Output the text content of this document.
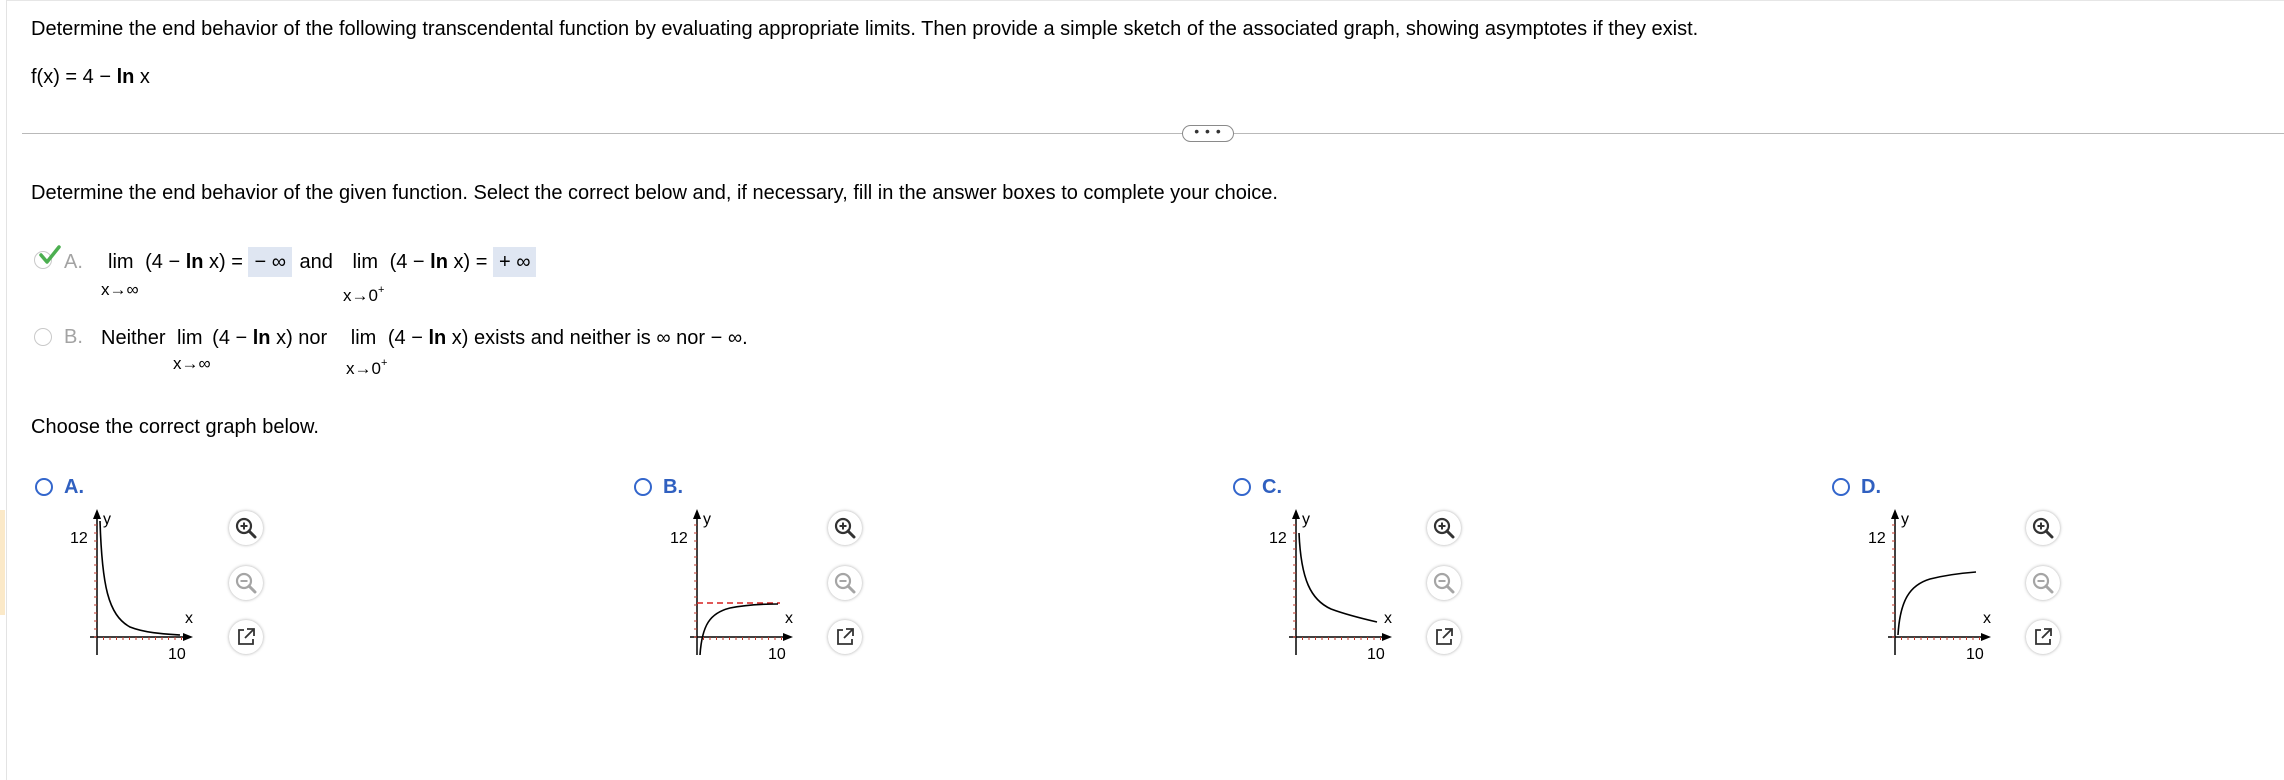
Determine the end behavior of the following transcendental function by evaluating appropriate limits. Then provide a simple sketch of the associated graph, showing asymptotes if they exist.
f(x) = 4 − ln x
• • •
Determine the end behavior of the given function. Select the correct below and, if necessary, fill in the answer boxes to complete your choice.
A. lim (4 − ln x) = − ∞ and lim (4 − ln x) = + ∞
x→∞	x→0+
B. Neither lim (4 − ln x) nor lim (4 − ln x) exists and neither is ∞ nor − ∞.
x→∞	x→0+
Choose the correct graph below.
A.
12
y
x
10
B.
12
y
x
10
C.
12
y
x
10
D.
12
y
x
10
